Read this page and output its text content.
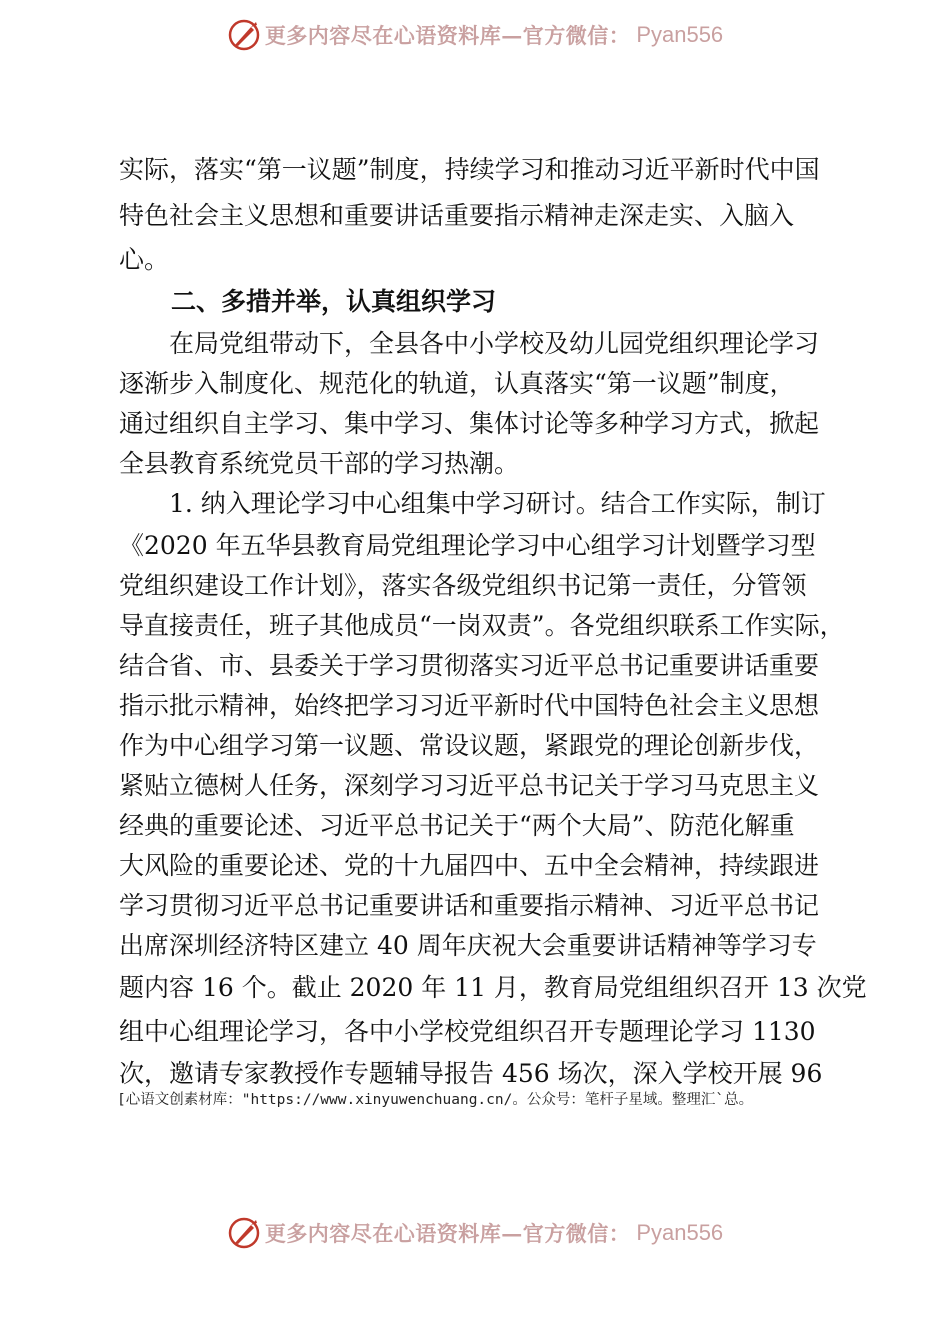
更多内容尽在心语资料库—官方微信： Pyan556
实际，落实“第一议题”制度，持续学习和推动习近平新时代中国
特色社会主义思想和重要讲话重要指示精神走深走实、入脑入
心。
二、多措并举，认真组织学习
在局党组带动下，全县各中小学校及幼儿园党组织理论学习
逐渐步入制度化、规范化的轨道，认真落实“第一议题”制度，
通过组织自主学习、集中学习、集体讨论等多种学习方式，掀起
全县教育系统党员干部的学习热潮。
1. 纳入理论学习中心组集中学习研讨。结合工作实际，制订
《2020 年五华县教育局党组理论学习中心组学习计划暨学习型
党组织建设工作计划》，落实各级党组织书记第一责任，分管领
导直接责任，班子其他成员“一岗双责”。各党组织联系工作实际，
结合省、市、县委关于学习贯彻落实习近平总书记重要讲话重要
指示批示精神，始终把学习习近平新时代中国特色社会主义思想
作为中心组学习第一议题、常设议题，紧跟党的理论创新步伐，
紧贴立德树人任务，深刻学习习近平总书记关于学习马克思主义
经典的重要论述、习近平总书记关于“两个大局”、防范化解重
大风险的重要论述、党的十九届四中、五中全会精神，持续跟进
学习贯彻习近平总书记重要讲话和重要指示精神、习近平总书记
出席深圳经济特区建立 40 周年庆祝大会重要讲话精神等学习专
题内容 16 个。截止 2020 年 11 月，教育局党组组织召开 13 次党
组中心组理论学习，各中小学校党组织召开专题理论学习 1130
次，邀请专家教授作专题辅导报告 456 场次，深入学校开展 96
[心语文创素材库："https://www.xinyuwenchuang.cn/。公众号：笔杆子星域。整理汇`总。
更多内容尽在心语资料库—官方微信： Pyan556
